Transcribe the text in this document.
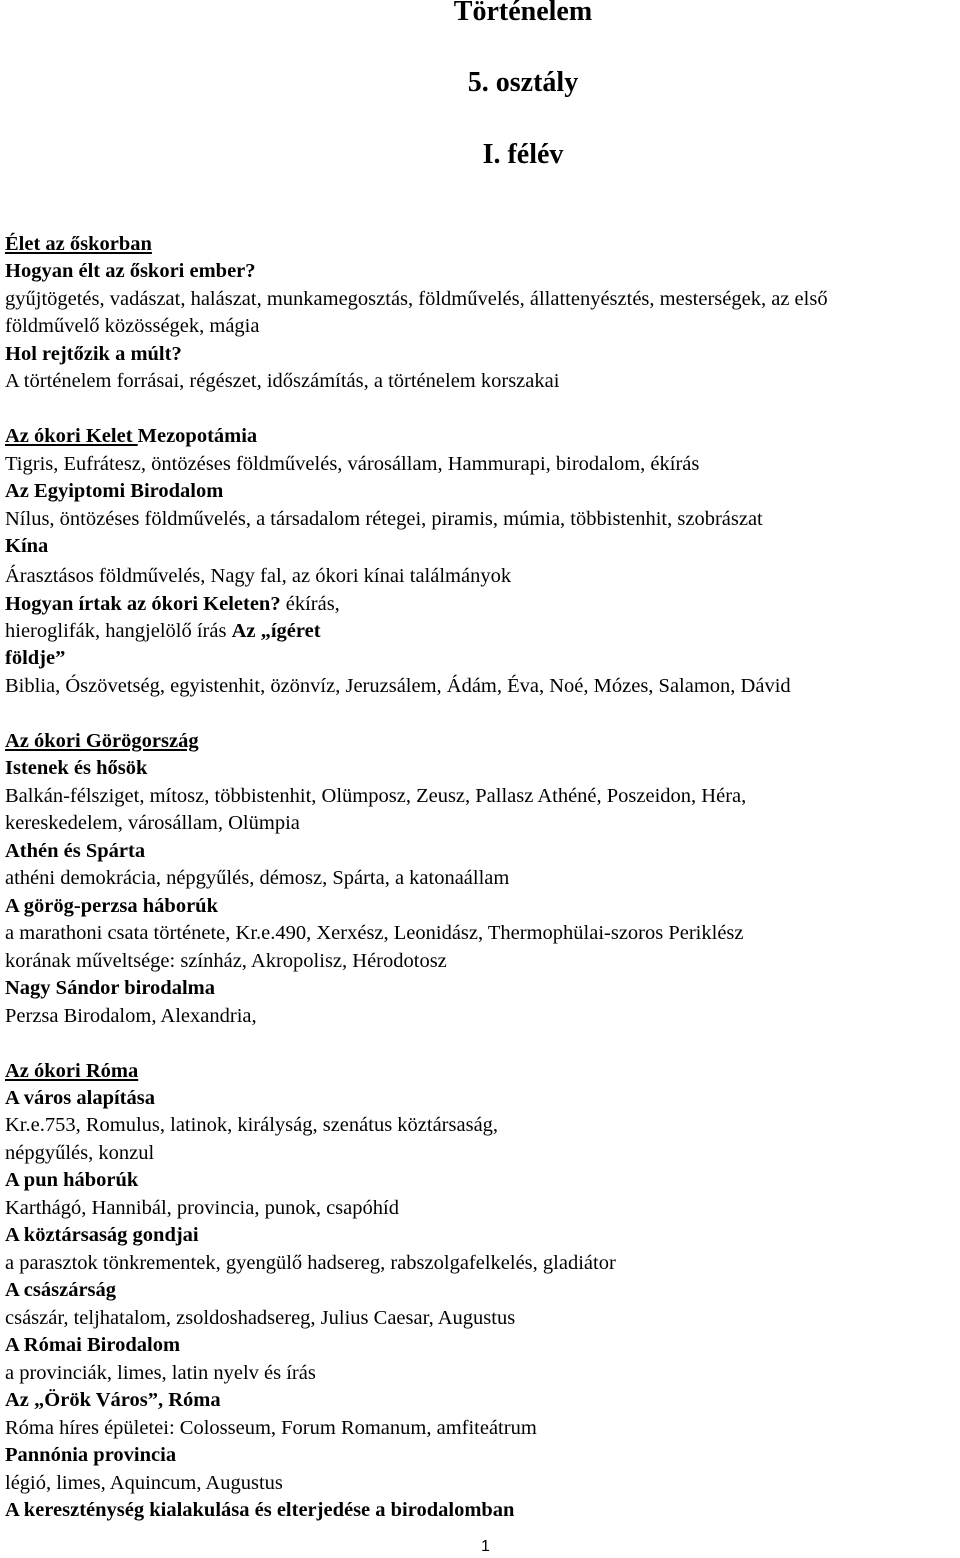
Történelem
5. osztály
I. félév
Élet az őskorban
Hogyan élt az őskori ember?
gyűjtögetés, vadászat, halászat, munkamegosztás, földművelés, állattenyésztés, mesterségek, az első
földművelő közösségek, mágia
Hol rejtőzik a múlt?
A történelem forrásai, régészet, időszámítás, a történelem korszakai
Az ókori Kelet Mezopotámia
Tigris, Eufrátesz, öntözéses földművelés, városállam, Hammurapi, birodalom, ékírás
Az Egyiptomi Birodalom
Nílus, öntözéses földművelés, a társadalom rétegei, piramis, múmia, többistenhit, szobrászat
Kína
Árasztásos földművelés, Nagy fal, az ókori kínai találmányok
Hogyan írtak az ókori Keleten? ékírás,
hieroglifák, hangjelölő írás Az „ígéret
földje”
Biblia, Ószövetség, egyistenhit, özönvíz, Jeruzsálem, Ádám, Éva, Noé, Mózes, Salamon, Dávid
Az ókori Görögország
Istenek és hősök
Balkán-félsziget, mítosz, többistenhit, Olümposz, Zeusz, Pallasz Athéné, Poszeidon, Héra,
kereskedelem, városállam, Olümpia
Athén és Spárta
athéni demokrácia, népgyűlés, démosz, Spárta, a katonaállam
A görög-perzsa háborúk
a marathoni csata története, Kr.e.490, Xerxész, Leonidász, Thermophülai-szoros Periklész
korának műveltsége: színház, Akropolisz, Hérodotosz
Nagy Sándor birodalma
Perzsa Birodalom, Alexandria,
Az ókori Róma
A város alapítása
Kr.e.753, Romulus, latinok, királyság, szenátus köztársaság,
népgyűlés, konzul
A pun háborúk
Karthágó, Hannibál, provincia, punok, csapóhíd
A köztársaság gondjai
a parasztok tönkrementek, gyengülő hadsereg, rabszolgafelkelés, gladiátor
A császárság
császár, teljhatalom, zsoldoshadsereg, Julius Caesar, Augustus
A Római Birodalom
a provinciák, limes, latin nyelv és írás
Az „Örök Város”, Róma
Róma híres épületei: Colosseum, Forum Romanum, amfiteátrum
Pannónia provincia
légió, limes, Aquincum, Augustus
A kereszténység kialakulása és elterjedése a birodalomban
1
